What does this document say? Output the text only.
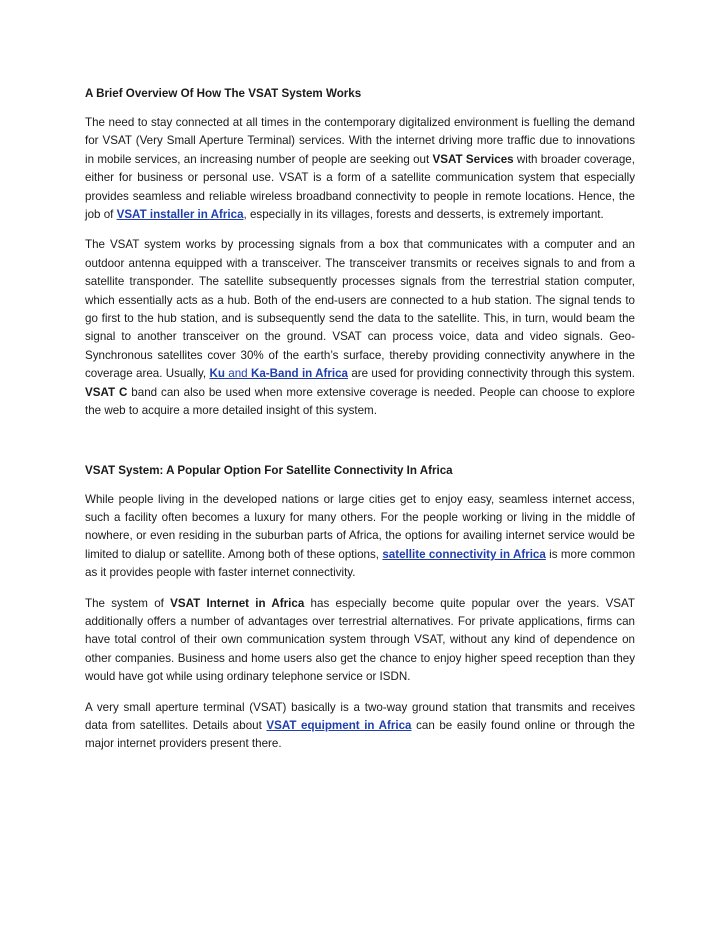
A Brief Overview Of How The VSAT System Works

The need to stay connected at all times in the contemporary digitalized environment is fuelling the demand for VSAT (Very Small Aperture Terminal) services. With the internet driving more traffic due to innovations in mobile services, an increasing number of people are seeking out VSAT Services with broader coverage, either for business or personal use. VSAT is a form of a satellite communication system that especially provides seamless and reliable wireless broadband connectivity to people in remote locations. Hence, the job of VSAT installer in Africa, especially in its villages, forests and desserts, is extremely important.

The VSAT system works by processing signals from a box that communicates with a computer and an outdoor antenna equipped with a transceiver. The transceiver transmits or receives signals to and from a satellite transponder. The satellite subsequently processes signals from the terrestrial station computer, which essentially acts as a hub. Both of the end-users are connected to a hub station. The signal tends to go first to the hub station, and is subsequently send the data to the satellite. This, in turn, would beam the signal to another transceiver on the ground. VSAT can process voice, data and video signals. Geo-Synchronous satellites cover 30% of the earth’s surface, thereby providing connectivity anywhere in the coverage area. Usually, Ku and Ka-Band in Africa are used for providing connectivity through this system. VSAT C band can also be used when more extensive coverage is needed. People can choose to explore the web to acquire a more detailed insight of this system.

VSAT System: A Popular Option For Satellite Connectivity In Africa

While people living in the developed nations or large cities get to enjoy easy, seamless internet access, such a facility often becomes a luxury for many others. For the people working or living in the middle of nowhere, or even residing in the suburban parts of Africa, the options for availing internet service would be limited to dialup or satellite. Among both of these options, satellite connectivity in Africa is more common as it provides people with faster internet connectivity.

The system of VSAT Internet in Africa has especially become quite popular over the years. VSAT additionally offers a number of advantages over terrestrial alternatives. For private applications, firms can have total control of their own communication system through VSAT, without any kind of dependence on other companies. Business and home users also get the chance to enjoy higher speed reception than they would have got while using ordinary telephone service or ISDN.

A very small aperture terminal (VSAT) basically is a two-way ground station that transmits and receives data from satellites. Details about VSAT equipment in Africa can be easily found online or through the major internet providers present there.
